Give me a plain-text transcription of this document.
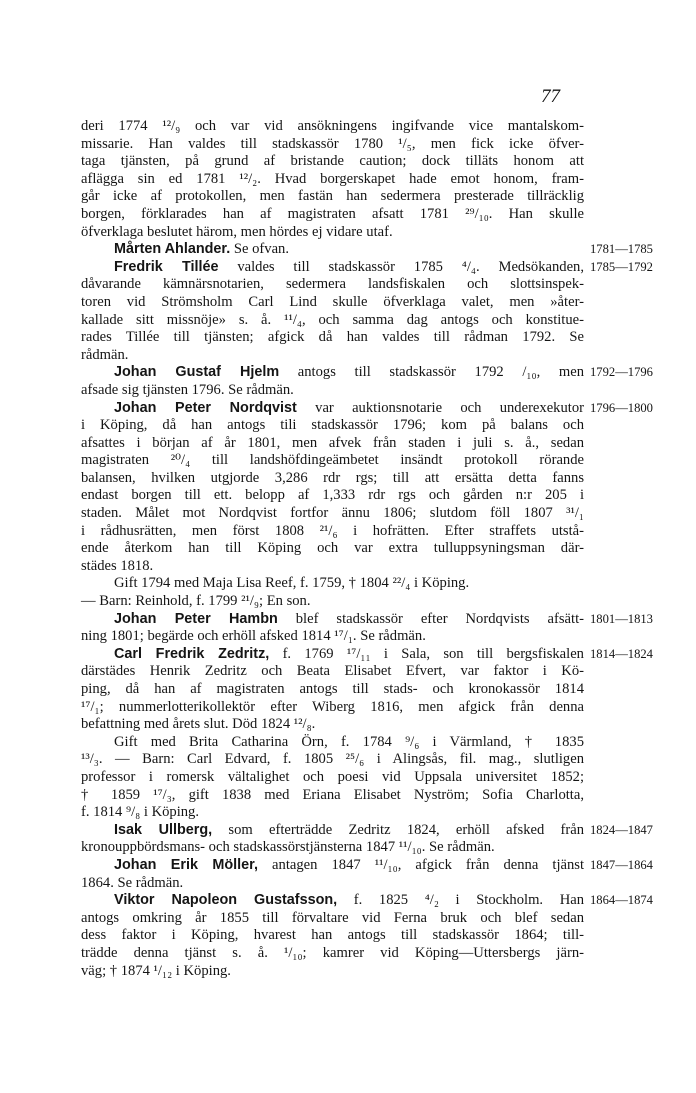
77
deri 1774 ¹²/₉ och var vid ansökningens ingifvande vice mantalskom-
missarie. Han valdes till stadskassör 1780 ¹/₅, men fick icke öfver-
taga tjänsten, på grund af bristande caution; dock tilläts honom att
aflägga sin ed 1781 ¹²/₂. Hvad borgerskapet hade emot honom, fram-
går icke af protokollen, men fastän han sedermera presterade tillräcklig
borgen, förklarades han af magistraten afsatt 1781 ²⁹/₁₀. Han skulle
öfverklaga beslutet härom, men hördes ej vidare utaf.
Mårten Ahlander. Se ofvan.
Fredrik Tillée valdes till stadskassör 1785 ⁴/₄. Medsökanden,
dåvarande kämnärsnotarien, sedermera landsfiskalen och slottsinspek-
toren vid Strömsholm Carl Lind skulle öfverklaga valet, men »åter-
kallade sitt missnöje» s. å. ¹¹/₄, och samma dag antogs och konstitue-
rades Tillée till tjänsten; afgick då han valdes till rådman 1792. Se
rådmän.
Johan Gustaf Hjelm antogs till stadskassör 1792 /₁₀, men
afsade sig tjänsten 1796. Se rådmän.
Johan Peter Nordqvist var auktionsnotarie och underexekutor
i Köping, då han antogs tili stadskassör 1796; kom på balans och
afsattes i början af år 1801, men afvek från staden i juli s. å., sedan
magistraten ²⁰/₄ till landshöfdingeämbetet insändt protokoll rörande
balansen, hvilken utgjorde 3,286 rdr rgs; till att ersätta detta fanns
endast borgen till ett. belopp af 1,333 rdr rgs och gården n:r 205 i
staden. Målet mot Nordqvist fortfor ännu 1806; slutdom föll 1807 ³¹/₁
i rådhusrätten, men först 1808 ²¹/₆ i hofrätten. Efter straffets utstå-
ende återkom han till Köping och var extra tulluppsyningsman där-
städes 1818.
Gift 1794 med Maja Lisa Reef, f. 1759, † 1804 ²²/₄ i Köping.
— Barn: Reinhold, f. 1799 ²¹/₉; En son.
Johan Peter Hambn blef stadskassör efter Nordqvists afsätt-
ning 1801; begärde och erhöll afsked 1814 ¹⁷/₁. Se rådmän.
Carl Fredrik Zedritz, f. 1769 ¹⁷/₁₁ i Sala, son till bergsfiskalen
därstädes Henrik Zedritz och Beata Elisabet Efvert, var faktor i Kö-
ping, då han af magistraten antogs till stads- och kronokassör 1814
¹⁷/₁; nummerlotterikollektör efter Wiberg 1816, men afgick från denna
befattning med årets slut. Död 1824 ¹²/₈.
Gift med Brita Catharina Örn, f. 1784 ⁹/₆ i Värmland, † 1835
¹³/₃. — Barn: Carl Edvard, f. 1805 ²⁵/₆ i Alingsås, fil. mag., slutligen
professor i romersk vältalighet och poesi vid Uppsala universitet 1852;
† 1859 ¹⁷/₃, gift 1838 med Eriana Elisabet Nyström; Sofia Charlotta,
f. 1814 ⁹/₈ i Köping.
Isak Ullberg, som efterträdde Zedritz 1824, erhöll afsked från
kronouppbördsmans- och stadskassörstjänsterna 1847 ¹¹/₁₀. Se rådmän.
Johan Erik Möller, antagen 1847 ¹¹/₁₀, afgick från denna tjänst
1864. Se rådmän.
Viktor Napoleon Gustafsson, f. 1825 ⁴/₂ i Stockholm. Han
antogs omkring år 1855 till förvaltare vid Ferna bruk och blef sedan
dess faktor i Köping, hvarest han antogs till stadskassör 1864; till-
trädde denna tjänst s. å. ¹/₁₀; kamrer vid Köping—Uttersbergs järn-
väg; † 1874 ¹/₁₂ i Köping.
1781—1785
1785—1792
1792—1796
1796—1800
1801—1813
1814—1824
1824—1847
1847—1864
1864—1874
